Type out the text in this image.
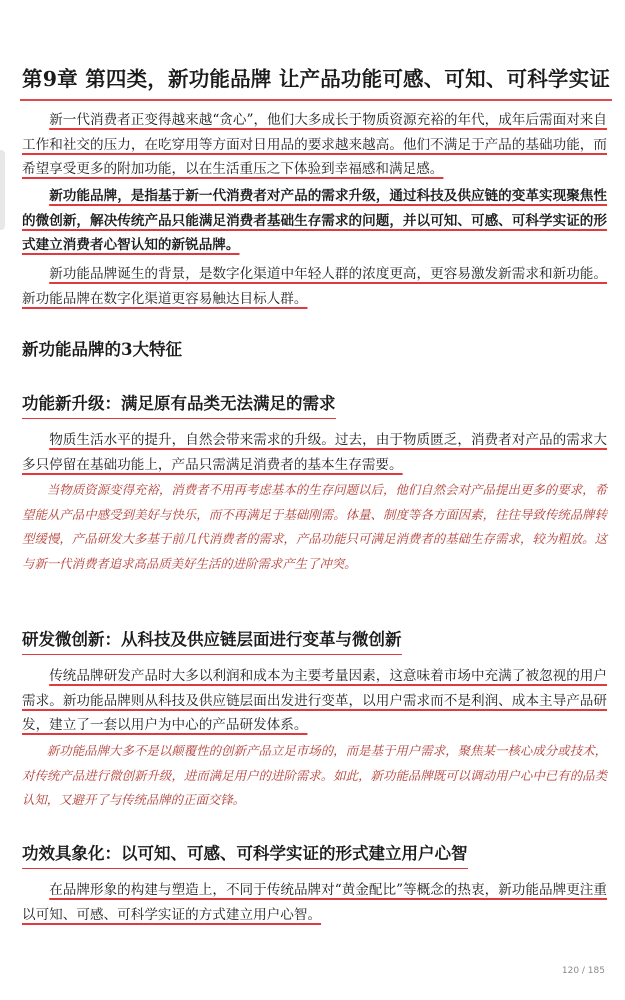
第9章 第四类，新功能品牌 让产品功能可感、可知、可科学实证

新一代消费者正变得越来越“贪心”，他们大多成长于物质资源充裕的年代，成年后需面对来自工作和社交的压力，在吃穿用等方面对日用品的要求越来越高。他们不满足于产品的基础功能，而希望享受更多的附加功能，以在生活重压之下体验到幸福感和满足感。

新功能品牌，是指基于新一代消费者对产品的需求升级，通过科技及供应链的变革实现聚焦性的微创新，解决传统产品只能满足消费者基础生存需求的问题，并以可知、可感、可科学实证的形式建立消费者心智认知的新锐品牌。

新功能品牌诞生的背景，是数字化渠道中年轻人群的浓度更高，更容易激发新需求和新功能。新功能品牌在数字化渠道更容易触达目标人群。

新功能品牌的3大特征
功能新升级：满足原有品类无法满足的需求

物质生活水平的提升，自然会带来需求的升级。过去，由于物质匮乏，消费者对产品的需求大多只停留在基础功能上，产品只需满足消费者的基本生存需要。

当物质资源变得充裕，消费者不用再考虑基本的生存问题以后，他们自然会对产品提出更多的要求，希望能从产品中感受到美好与快乐，而不再满足于基础刚需。体量、制度等各方面因素，往往导致传统品牌转型缓慢，产品研发大多基于前几代消费者的需求，产品功能只可满足消费者的基础生存需求，较为粗放。这与新一代消费者追求高品质美好生活的进阶需求产生了冲突。

研发微创新：从科技及供应链层面进行变革与微创新

传统品牌研发产品时大多以利润和成本为主要考量因素，这意味着市场中充满了被忽视的用户需求。新功能品牌则从科技及供应链层面出发进行变革，以用户需求而不是利润、成本主导产品研发，建立了一套以用户为中心的产品研发体系。

新功能品牌大多不是以颠覆性的创新产品立足市场的，而是基于用户需求，聚焦某一核心成分或技术，对传统产品进行微创新升级，进而满足用户的进阶需求。如此，新功能品牌既可以调动用户心中已有的品类认知，又避开了与传统品牌的正面交锋。

功效具象化：以可知、可感、可科学实证的形式建立用户心智

在品牌形象的构建与塑造上，不同于传统品牌对“黄金配比”等概念的热衷，新功能品牌更注重以可知、可感、可科学实证的方式建立用户心智。

120 / 185
